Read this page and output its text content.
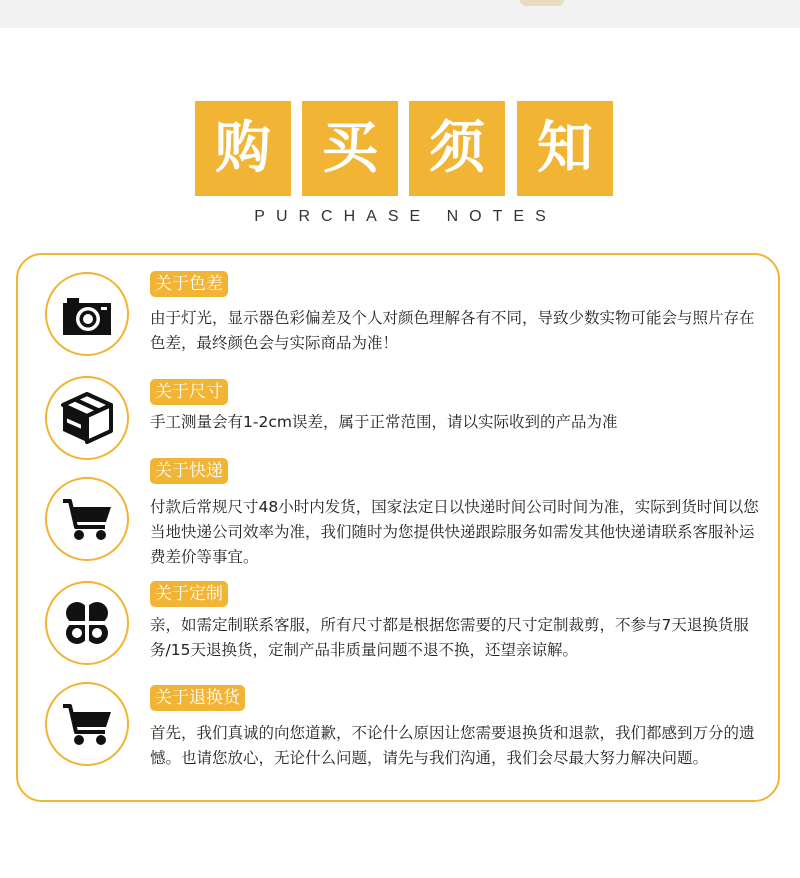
购 买 须 知
PURCHASE NOTES
关于色差
由于灯光，显示器色彩偏差及个人对颜色理解各有不同，导致少数实物可能会与照片存在色差，最终颜色会与实际商品为准！
关于尺寸
手工测量会有1-2cm误差，属于正常范围，请以实际收到的产品为准
关于快递
付款后常规尺寸48小时内发货，国家法定日以快递时间公司时间为准，实际到货时间以您当地快递公司效率为准，我们随时为您提供快递跟踪服务如需发其他快递请联系客服补运费差价等事宜。
关于定制
亲，如需定制联系客服，所有尺寸都是根据您需要的尺寸定制裁剪，不参与7天退换货服务/15天退换货，定制产品非质量问题不退不换，还望亲谅解。
关于退换货
首先，我们真诚的向您道歉，不论什么原因让您需要退换货和退款，我们都感到万分的遗憾。也请您放心，无论什么问题，请先与我们沟通，我们会尽最大努力解决问题。
